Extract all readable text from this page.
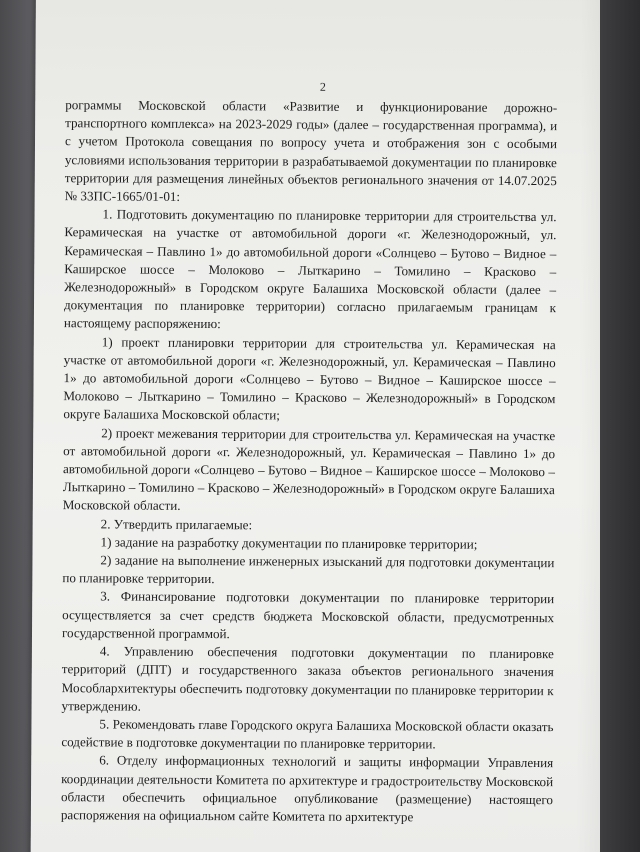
2

рограммы Московской области «Развитие и функционирование дорожно-транспортного комплекса» на 2023-2029 годы» (далее – государственная программа), и с учетом Протокола совещания по вопросу учета и отображения зон с особыми условиями использования территории в разрабатываемой документации по планировке территории для размещения линейных объектов регионального значения от 14.07.2025 № 33ПС-1665/01-01:

1. Подготовить документацию по планировке территории для строительства ул. Керамическая на участке от автомобильной дороги «г. Железнодорожный, ул. Керамическая – Павлино 1» до автомобильной дороги «Солнцево – Бутово – Видное – Каширское шоссе – Молоково – Лыткарино – Томилино – Красково – Железнодорожный» в Городском округе Балашиха Московской области (далее – документация по планировке территории) согласно прилагаемым границам к настоящему распоряжению:

1) проект планировки территории для строительства ул. Керамическая на участке от автомобильной дороги «г. Железнодорожный, ул. Керамическая – Павлино 1» до автомобильной дороги «Солнцево – Бутово – Видное – Каширское шоссе – Молоково – Лыткарино – Томилино – Красково – Железнодорожный» в Городском округе Балашиха Московской области;

2) проект межевания территории для строительства ул. Керамическая на участке от автомобильной дороги «г. Железнодорожный, ул. Керамическая – Павлино 1» до автомобильной дороги «Солнцево – Бутово – Видное – Каширское шоссе – Молоково – Лыткарино – Томилино – Красково – Железнодорожный» в Городском округе Балашиха Московской области.

2. Утвердить прилагаемые:

1) задание на разработку документации по планировке территории;

2) задание на выполнение инженерных изысканий для подготовки документации по планировке территории.

3. Финансирование подготовки документации по планировке территории осуществляется за счет средств бюджета Московской области, предусмотренных государственной программой.

4. Управлению обеспечения подготовки документации по планировке территорий (ДПТ) и государственного заказа объектов регионального значения Мособлархитектуры обеспечить подготовку документации по планировке территории к утверждению.

5. Рекомендовать главе Городского округа Балашиха Московской области оказать содействие в подготовке документации по планировке территории.

6. Отделу информационных технологий и защиты информации Управления координации деятельности Комитета по архитектуре и градостроительству Московской области обеспечить официальное опубликование (размещение) настоящего распоряжения на официальном сайте Комитета по архитектуре
